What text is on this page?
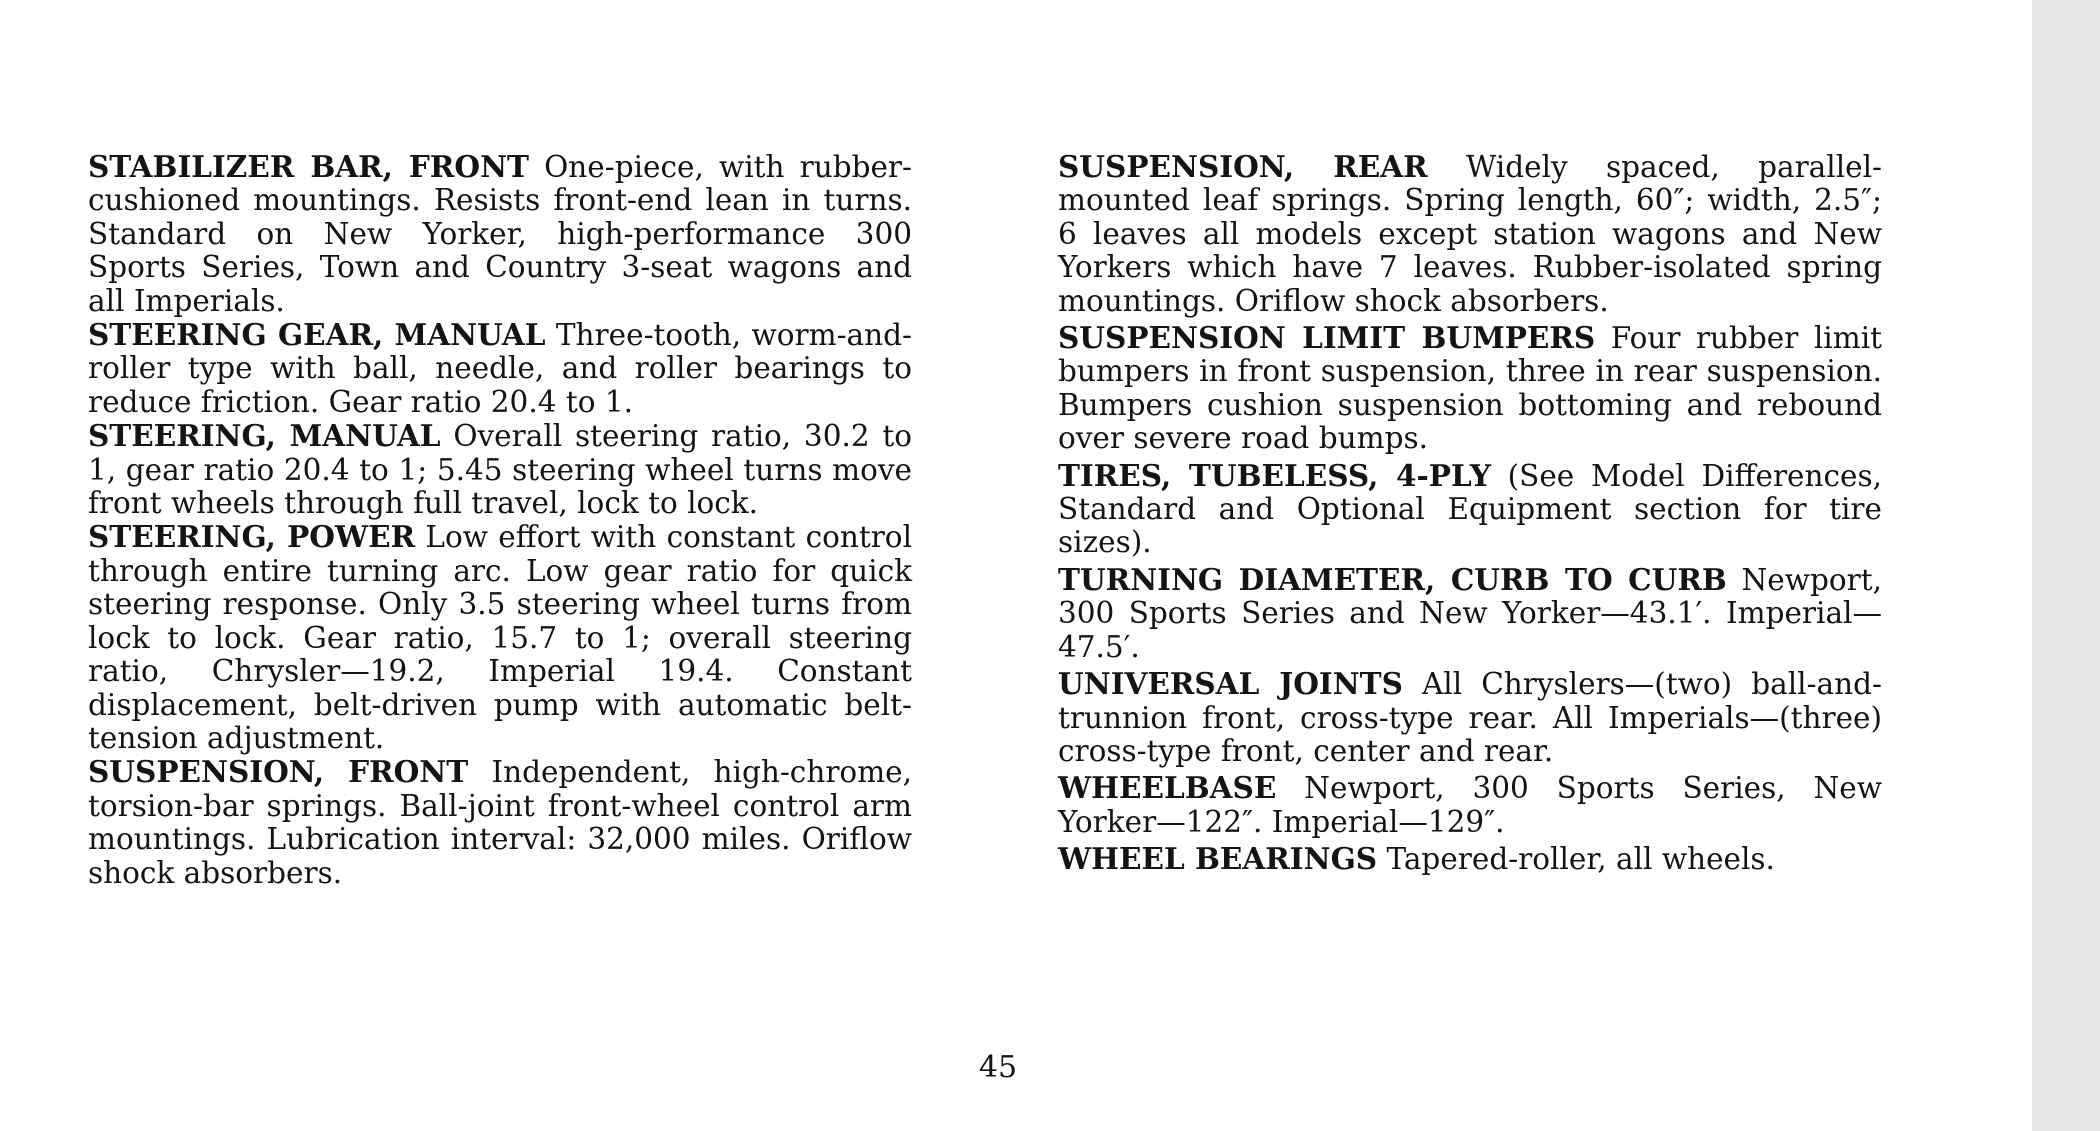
STABILIZER BAR, FRONT One-piece, with rubber-cushioned mountings. Resists front-end lean in turns. Standard on New Yorker, high-performance 300 Sports Series, Town and Country 3-seat wagons and all Imperials.

STEERING GEAR, MANUAL Three-tooth, worm-and-roller type with ball, needle, and roller bearings to reduce friction. Gear ratio 20.4 to 1.

STEERING, MANUAL Overall steering ratio, 30.2 to 1, gear ratio 20.4 to 1; 5.45 steering wheel turns move front wheels through full travel, lock to lock.

STEERING, POWER Low effort with constant control through entire turning arc. Low gear ratio for quick steering response. Only 3.5 steering wheel turns from lock to lock. Gear ratio, 15.7 to 1; overall steering ratio, Chrysler—19.2, Imperial 19.4. Constant displacement, belt-driven pump with automatic belt-tension adjustment.

SUSPENSION, FRONT Independent, high-chrome, torsion-bar springs. Ball-joint front-wheel control arm mountings. Lubrication interval: 32,000 miles. Oriflow shock absorbers.

SUSPENSION, REAR Widely spaced, parallel-mounted leaf springs. Spring length, 60″; width, 2.5″; 6 leaves all models except station wagons and New Yorkers which have 7 leaves. Rubber-isolated spring mountings. Oriflow shock absorbers.

SUSPENSION LIMIT BUMPERS Four rubber limit bumpers in front suspension, three in rear suspension. Bumpers cushion suspension bottoming and rebound over severe road bumps.

TIRES, TUBELESS, 4-PLY (See Model Differences, Standard and Optional Equipment section for tire sizes).

TURNING DIAMETER, CURB TO CURB Newport, 300 Sports Series and New Yorker—43.1′. Imperial—47.5′.

UNIVERSAL JOINTS All Chryslers—(two) ball-and-trunnion front, cross-type rear. All Imperials—(three) cross-type front, center and rear.

WHEELBASE Newport, 300 Sports Series, New Yorker—122″. Imperial—129″.

WHEEL BEARINGS Tapered-roller, all wheels.

45
